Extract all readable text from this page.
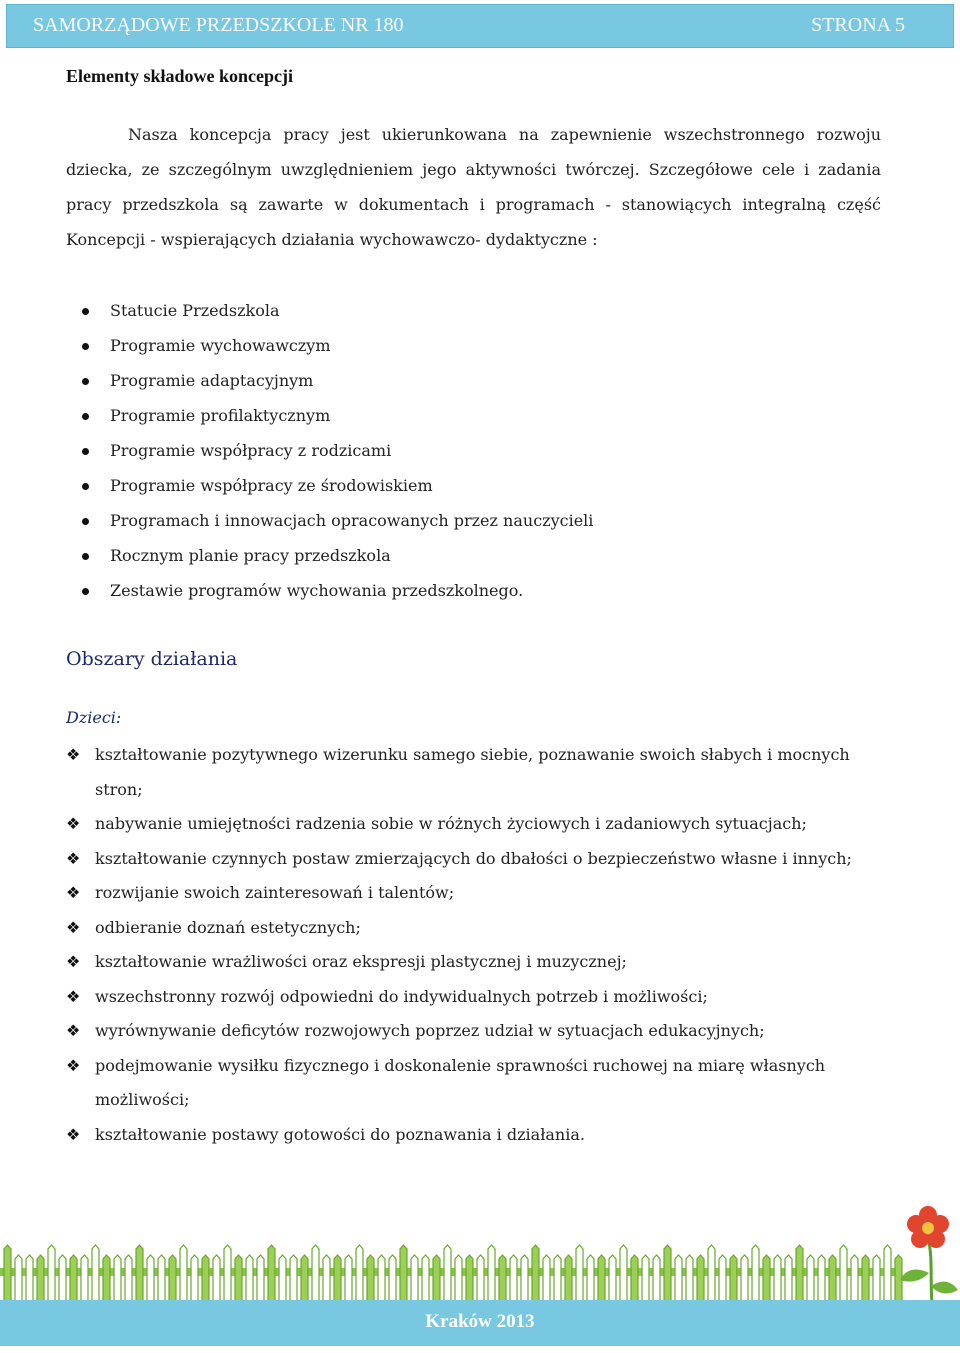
SAMORZĄDOWE PRZEDSZKOLE NR 180	STRONA 5
Elementy składowe koncepcji
Nasza koncepcja pracy jest ukierunkowana na zapewnienie wszechstronnego rozwoju dziecka, ze szczególnym uwzględnieniem jego aktywności twórczej. Szczegółowe cele i zadania pracy przedszkola są zawarte w dokumentach i programach - stanowiących integralną część Koncepcji - wspierających działania wychowawczo- dydaktyczne :
Statucie Przedszkola
Programie wychowawczym
Programie adaptacyjnym
Programie profilaktycznym
Programie współpracy z rodzicami
Programie współpracy ze środowiskiem
Programach i innowacjach opracowanych przez nauczycieli
Rocznym planie pracy przedszkola
Zestawie programów wychowania przedszkolnego.
Obszary działania
Dzieci:
❖ kształtowanie pozytywnego wizerunku samego siebie, poznawanie swoich słabych i mocnych stron;
❖ nabywanie umiejętności radzenia sobie w różnych życiowych i zadaniowych sytuacjach;
❖ kształtowanie czynnych postaw zmierzających do dbałości o bezpieczeństwo własne i innych;
❖ rozwijanie swoich zainteresowań i talentów;
❖ odbieranie doznań estetycznych;
❖ kształtowanie wrażliwości oraz ekspresji plastycznej i muzycznej;
❖ wszechstronny rozwój odpowiedni do indywidualnych potrzeb i możliwości;
❖ wyrównywanie deficytów rozwojowych poprzez udział w sytuacjach edukacyjnych;
❖ podejmowanie wysiłku fizycznego i doskonalenie sprawności ruchowej na miarę własnych możliwości;
❖ kształtowanie postawy gotowości do poznawania i działania.
Kraków 2013
